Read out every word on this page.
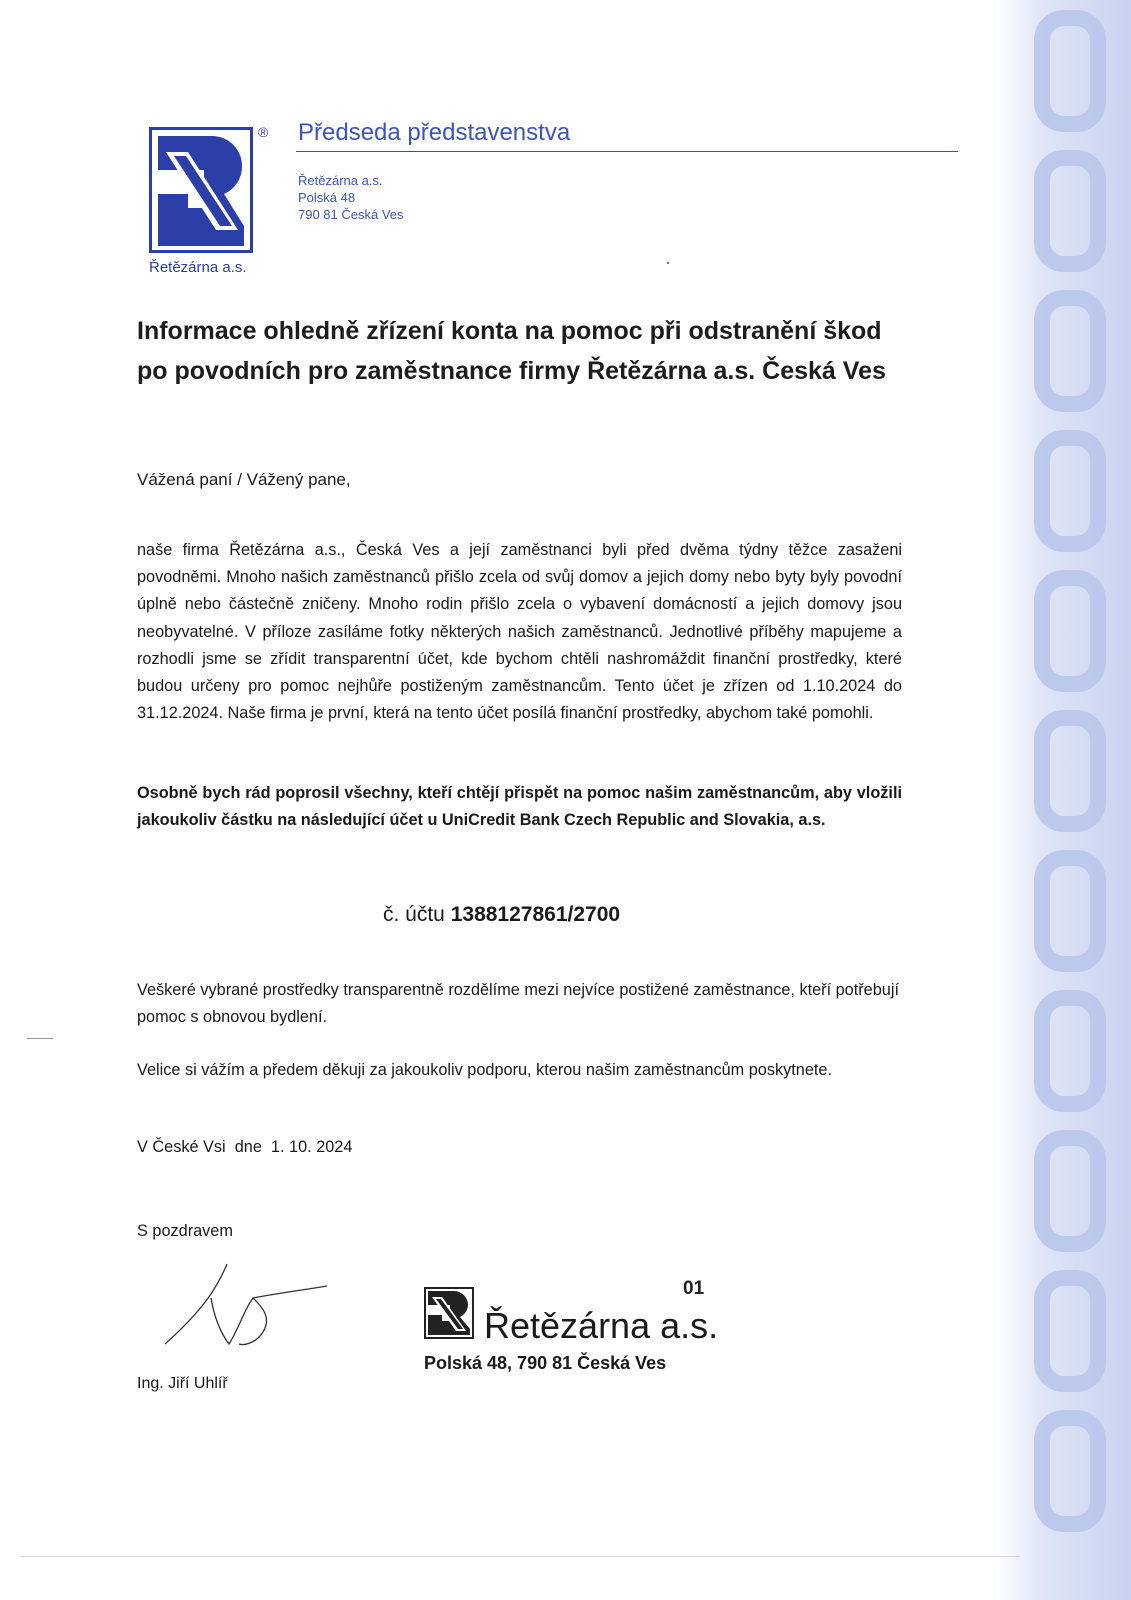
®
Řetězárna a.s.
Předseda představenstva
Řetězárna a.s.
Polská 48
790 81 Česká Ves
Informace ohledně zřízení konta na pomoc při odstranění škod po povodních pro zaměstnance firmy Řetězárna a.s. Česká Ves
Vážená paní / Vážený pane,
naše firma Řetězárna a.s., Česká Ves a její zaměstnanci byli před dvěma týdny těžce zasaženi povodněmi. Mnoho našich zaměstnanců přišlo zcela od svůj domov a jejich domy nebo byty byly povodní úplně nebo částečně zničeny. Mnoho rodin přišlo zcela o vybavení domácností a jejich domovy jsou neobyvatelné. V příloze zasíláme fotky některých našich zaměstnanců. Jednotlivé příběhy mapujeme a rozhodli jsme se zřídit transparentní účet, kde bychom chtěli nashromáždit finanční prostředky, které budou určeny pro pomoc nejhůře postiženým zaměstnancům. Tento účet je zřízen od 1.10.2024 do 31.12.2024. Naše firma je první, která na tento účet posílá finanční prostředky, abychom také pomohli.
Osobně bych rád poprosil všechny, kteří chtějí přispět na pomoc našim zaměstnancům, aby vložili jakoukoliv částku na následující účet u UniCredit Bank Czech Republic and Slovakia, a.s.
č. účtu 1388127861/2700
Veškeré vybrané prostředky transparentně rozdělíme mezi nejvíce postižené zaměstnance, kteří potřebují pomoc s obnovou bydlení.
Velice si vážím a předem děkuji za jakoukoliv podporu, kterou našim zaměstnancům poskytnete.
V České Vsi  dne  1. 10. 2024
S pozdravem
Ing. Jiří Uhlíř
01
Řetězárna a.s.
Polská 48, 790 81 Česká Ves
